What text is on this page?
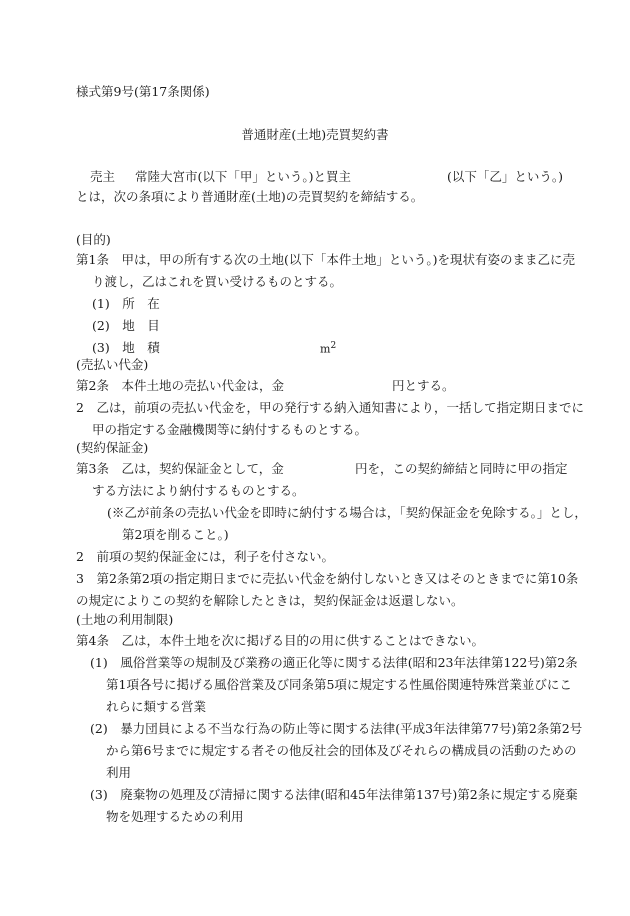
様式第9号(第17条関係)
普通財産(土地)売買契約書
売主 常陸大宮市(以下「甲」という。)と買主	(以下「乙」という。)
とは，次の条項により普通財産(土地)の売買契約を締結する。
(目的)
第1条　甲は，甲の所有する次の土地(以下「本件土地」という。)を現状有姿のまま乙に売
り渡し，乙はこれを買い受けるものとする。
(1)　所　在
(2)　地　目
(3)　地　積	$m^2$
(売払い代金)
第2条　本件土地の売払い代金は，金	円とする。
2　乙は，前項の売払い代金を，甲の発行する納入通知書により，一括して指定期日までに
甲の指定する金融機関等に納付するものとする。
(契約保証金)
第3条　乙は，契約保証金として，金	円を，この契約締結と同時に甲の指定
する方法により納付するものとする。
(※乙が前条の売払い代金を即時に納付する場合は，「契約保証金を免除する。」とし，
第2項を削ること。)
2　前項の契約保証金には，利子を付さない。
3　第2条第2項の指定期日までに売払い代金を納付しないとき又はそのときまでに第10条
の規定によりこの契約を解除したときは，契約保証金は返還しない。
(土地の利用制限)
第4条　乙は，本件土地を次に掲げる目的の用に供することはできない。
(1)　風俗営業等の規制及び業務の適正化等に関する法律(昭和23年法律第122号)第2条
第1項各号に掲げる風俗営業及び同条第5項に規定する性風俗関連特殊営業並びにこ
れらに類する営業
(2)　暴力団員による不当な行為の防止等に関する法律(平成3年法律第77号)第2条第2号
から第6号までに規定する者その他反社会的団体及びそれらの構成員の活動のための
利用
(3)　廃棄物の処理及び清掃に関する法律(昭和45年法律第137号)第2条に規定する廃棄
物を処理するための利用
